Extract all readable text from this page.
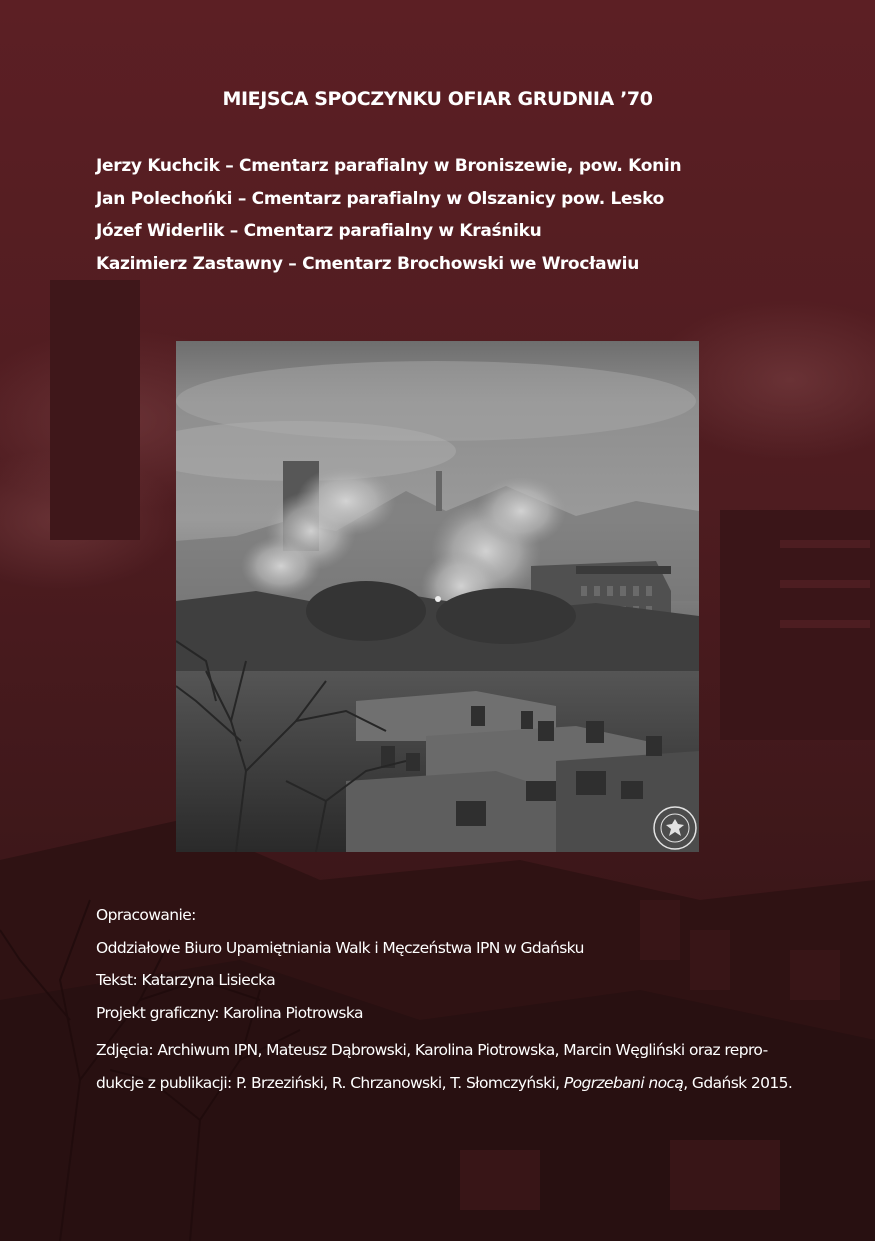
MIEJSCA SPOCZYNKU OFIAR GRUDNIA ’70
Jerzy Kuchcik – Cmentarz parafialny w Broniszewie, pow. Konin
Jan Polechońki – Cmentarz parafialny w Olszanicy pow. Lesko
Józef Widerlik – Cmentarz parafialny w Kraśniku
Kazimierz Zastawny – Cmentarz Brochowski we Wrocławiu
Opracowanie:
Oddziałowe Biuro Upamiętniania Walk i Męczeństwa IPN w Gdańsku
Tekst: Katarzyna Lisiecka
Projekt graficzny: Karolina Piotrowska
Zdjęcia: Archiwum IPN, Mateusz Dąbrowski, Karolina Piotrowska, Marcin Węgliński oraz repro-dukcje z publikacji: P. Brzeziński, R. Chrzanowski, T. Słomczyński, Pogrzebani nocą, Gdańsk 2015.
